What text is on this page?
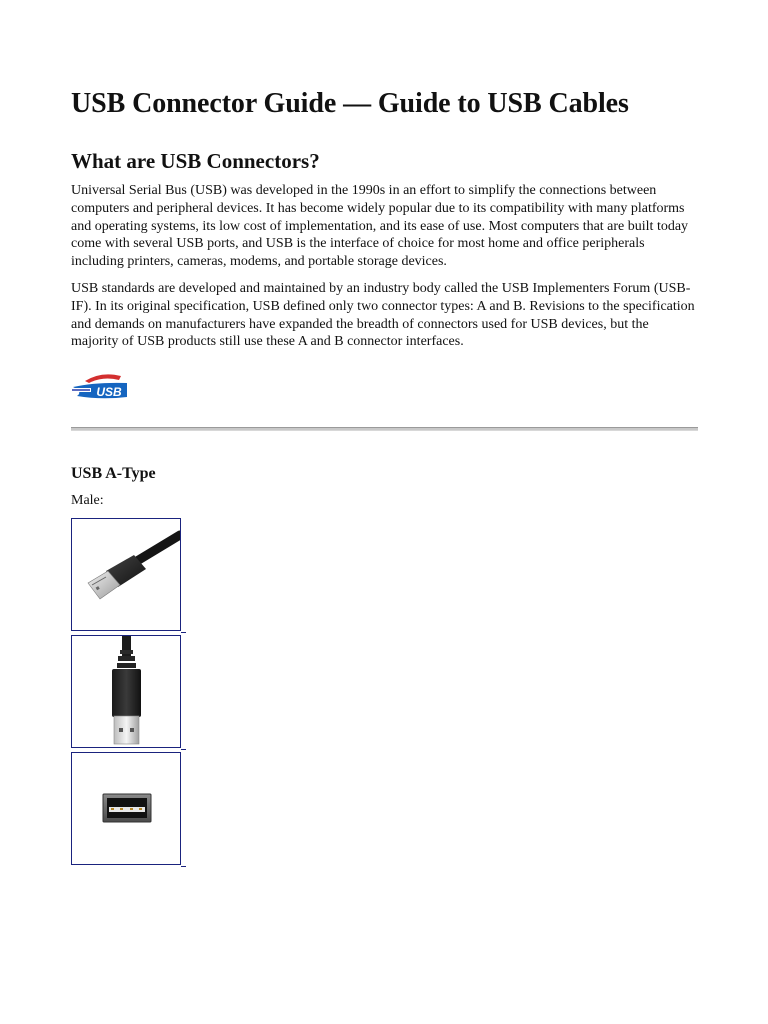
USB Connector Guide — Guide to USB Cables
What are USB Connectors?

Universal Serial Bus (USB) was developed in the 1990s in an effort to simplify the connections between computers and peripheral devices. It has become widely popular due to its compatibility with many platforms and operating systems, its low cost of implementation, and its ease of use. Most computers that are built today come with several USB ports, and USB is the interface of choice for most home and office peripherals including printers, cameras, modems, and portable storage devices.

USB standards are developed and maintained by an industry body called the USB Implementers Forum (USB-IF). In its original specification, USB defined only two connector types: A and B. Revisions to the specification and demands on manufacturers have expanded the breadth of connectors used for USB devices, but the majority of USB products still use these A and B connector interfaces.

USB
USB A-Type

Male:
